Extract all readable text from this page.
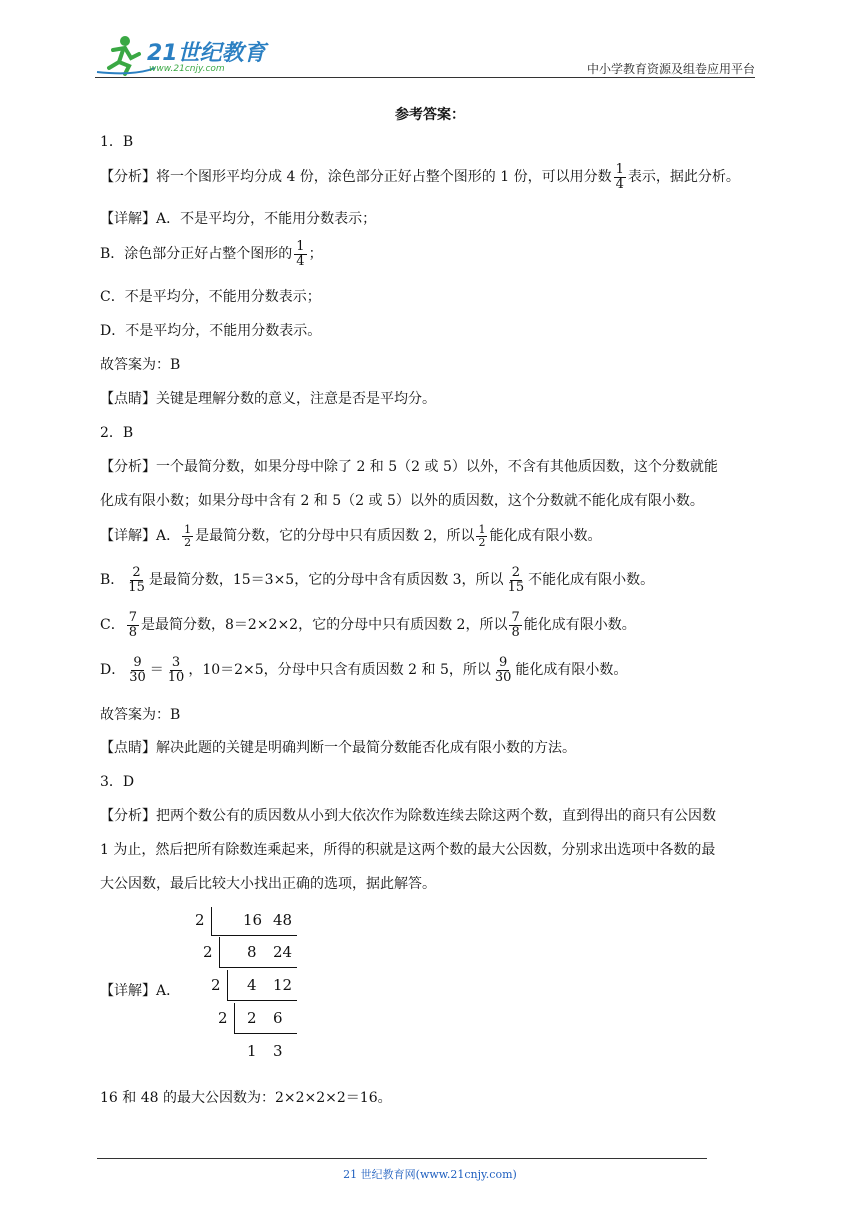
21世纪教育
www.21cnjy.com	中小学教育资源及组卷应用平台
参考答案：
1．B
【分析】将一个图形平均分成 4 份，涂色部分正好占整个图形的 1 份，可以用分数 $\frac{1}{4}$ 表示，据此分析。
【详解】A．不是平均分，不能用分数表示；
B．涂色部分正好占整个图形的 $\frac{1}{4}$ ；
C．不是平均分，不能用分数表示；
D．不是平均分，不能用分数表示。
故答案为：B
【点睛】关键是理解分数的意义，注意是否是平均分。
2．B
【分析】一个最简分数，如果分母中除了 2 和 5（2 或 5）以外，不含有其他质因数，这个分数就能
化成有限小数；如果分母中含有 2 和 5（2 或 5）以外的质因数，这个分数就不能化成有限小数。
【详解】A． $\frac{1}{2}$ 是最简分数，它的分母中只有质因数 2，所以 $\frac{1}{2}$ 能化成有限小数。
B． $\frac{2}{15}$ 是最简分数，15＝3×5，它的分母中含有质因数 3，所以 $\frac{2}{15}$ 不能化成有限小数。
C． $\frac{7}{8}$ 是最简分数，8＝2×2×2，它的分母中只有质因数 2，所以 $\frac{7}{8}$ 能化成有限小数。
D． $\frac{9}{30} = \frac{3}{10}$ ，10＝2×5，分母中只含有质因数 2 和 5，所以 $\frac{9}{30}$ 能化成有限小数。
故答案为：B
【点睛】解决此题的关键是明确判断一个最简分数能否化成有限小数的方法。
3．D
【分析】把两个数公有的质因数从小到大依次作为除数连续去除这两个数，直到得出的商只有公因数
1 为止，然后把所有除数连乘起来，所得的积就是这两个数的最大公因数，分别求出选项中各数的最
大公因数，最后比较大小找出正确的选项，据此解答。
【详解】A．
2	16 48
2 8 24
2 4 12
2 2 6
1 3
16 和 48 的最大公因数为：2×2×2×2＝16。
21 世纪教育网(www.21cnjy.com)
